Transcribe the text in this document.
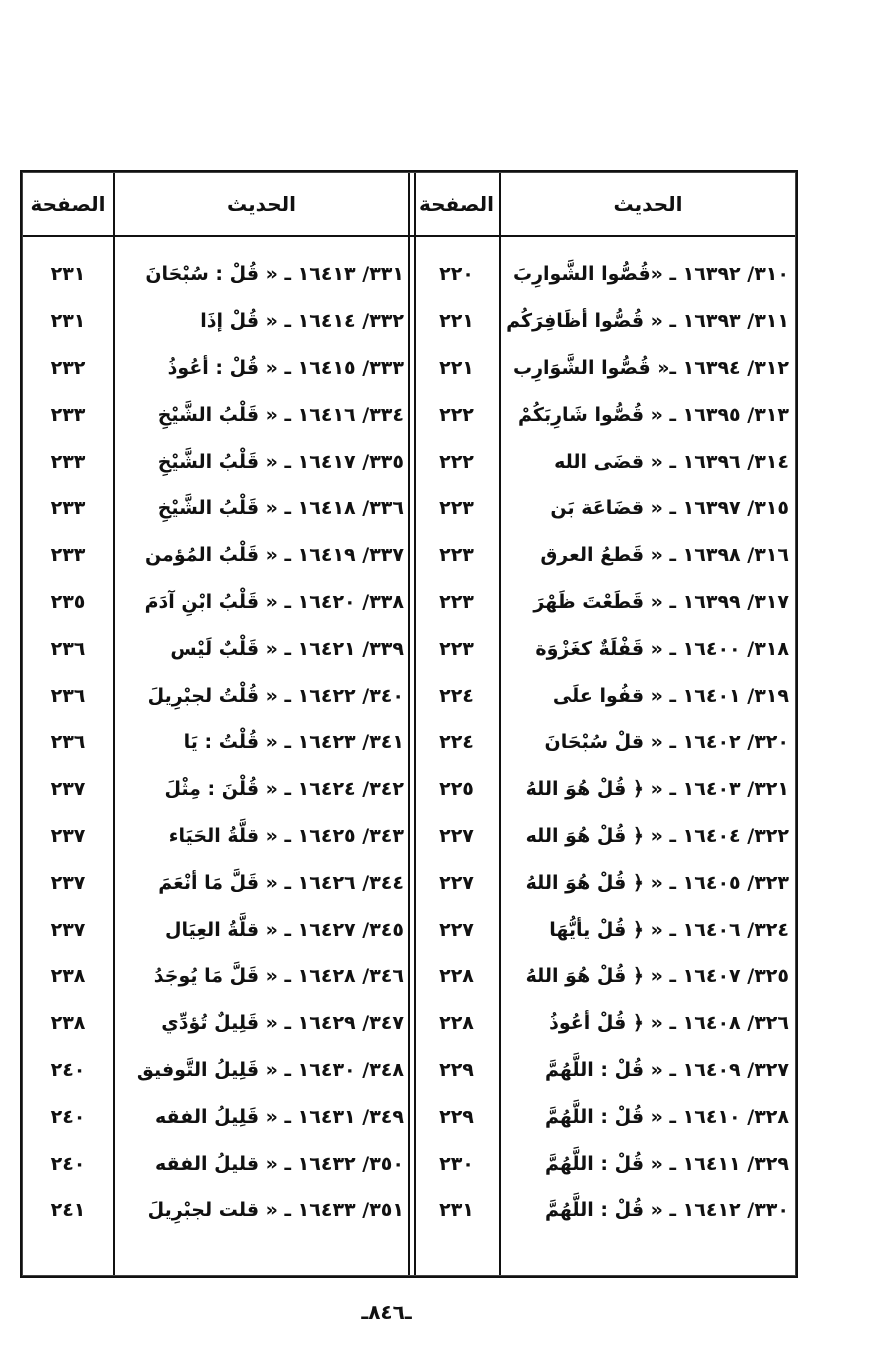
الصفحة	الحديث	الصفحة	الحديث
٢٣١	٣٣١/ ١٦٤١٣ ـ « قُلْ : سُبْحَانَ	٢٢٠	٣١٠/ ١٦٣٩٢ ـ «قُصُّوا الشَّوارِبَ
٢٣١	٣٣٢/ ١٦٤١٤ ـ « قُلْ إذَا	٢٢١	٣١١/ ١٦٣٩٣ ـ « قُصُّوا أظَافِرَكُم
٢٣٢	٣٣٣/ ١٦٤١٥ ـ « قُلْ : أعُوذُ	٢٢١	٣١٢/ ١٦٣٩٤ ـ« قُصُّوا الشَّوَارِب
٢٣٣	٣٣٤/ ١٦٤١٦ ـ « قَلْبُ الشَّيْخِ	٢٢٢	٣١٣/ ١٦٣٩٥ ـ « قُصُّوا شَارِبَكُمْ
٢٣٣	٣٣٥/ ١٦٤١٧ ـ « قَلْبُ الشَّيْخِ	٢٢٢	٣١٤/ ١٦٣٩٦ ـ « قضَى الله
٢٣٣	٣٣٦/ ١٦٤١٨ ـ « قَلْبُ الشَّيْخِ	٢٢٣	٣١٥/ ١٦٣٩٧ ـ « قضَاعَة بَن
٢٣٣	٣٣٧/ ١٦٤١٩ ـ « قَلْبُ المُؤمن	٢٢٣	٣١٦/ ١٦٣٩٨ ـ « قَطعُ العرق
٢٣٥	٣٣٨/ ١٦٤٢٠ ـ « قَلْبُ ابْنِ آدَمَ	٢٢٣	٣١٧/ ١٦٣٩٩ ـ « قَطَعْتَ ظَهْرَ
٢٣٦	٣٣٩/ ١٦٤٢١ ـ « قَلْبٌ لَيْس	٢٢٣	٣١٨/ ١٦٤٠٠ ـ « قَفْلَةٌ كغَزْوَة
٢٣٦	٣٤٠/ ١٦٤٢٢ ـ « قُلْتُ لجبْرِيلَ	٢٢٤	٣١٩/ ١٦٤٠١ ـ « قفُوا علَى
٢٣٦	٣٤١/ ١٦٤٢٣ ـ « قُلْتُ : يَا	٢٢٤	٣٢٠/ ١٦٤٠٢ ـ « قلْ سُبْحَانَ
٢٣٧	٣٤٢/ ١٦٤٢٤ ـ « قُلْنَ : مِثْلَ	٢٢٥	٣٢١/ ١٦٤٠٣ ـ « ﴿ قُلْ هُوَ اللهُ
٢٣٧	٣٤٣/ ١٦٤٢٥ ـ « قلَّةُ الحَيَاء	٢٢٧	٣٢٢/ ١٦٤٠٤ ـ « ﴿ قُلْ هُوَ الله
٢٣٧	٣٤٤/ ١٦٤٢٦ ـ « قَلَّ مَا أنْعَمَ	٢٢٧	٣٢٣/ ١٦٤٠٥ ـ « ﴿ قُلْ هُوَ اللهُ
٢٣٧	٣٤٥/ ١٦٤٢٧ ـ « قلَّةُ العِيَال	٢٢٧	٣٢٤/ ١٦٤٠٦ ـ « ﴿ قُلْ يأيُّهَا
٢٣٨	٣٤٦/ ١٦٤٢٨ ـ « قَلَّ مَا يُوجَدُ	٢٢٨	٣٢٥/ ١٦٤٠٧ ـ « ﴿ قُلْ هُوَ اللهُ
٢٣٨	٣٤٧/ ١٦٤٢٩ ـ « قَلِيلٌ تُؤدِّي	٢٢٨	٣٢٦/ ١٦٤٠٨ ـ « ﴿ قُلْ أعُوذُ
٢٤٠	٣٤٨/ ١٦٤٣٠ ـ « قَلِيلُ التَّوفيق	٢٢٩	٣٢٧/ ١٦٤٠٩ ـ « قُلْ : اللَّهُمَّ
٢٤٠	٣٤٩/ ١٦٤٣١ ـ « قَلِيلُ الفقه	٢٢٩	٣٢٨/ ١٦٤١٠ ـ « قُلْ : اللَّهُمَّ
٢٤٠	٣٥٠/ ١٦٤٣٢ ـ « قليلُ الفقه	٢٣٠	٣٢٩/ ١٦٤١١ ـ « قُلْ : اللَّهُمَّ
٢٤١	٣٥١/ ١٦٤٣٣ ـ « قلت لجبْرِيلَ	٢٣١	٣٣٠/ ١٦٤١٢ ـ « قُلْ : اللَّهُمَّ
ـ٨٤٦ـ
